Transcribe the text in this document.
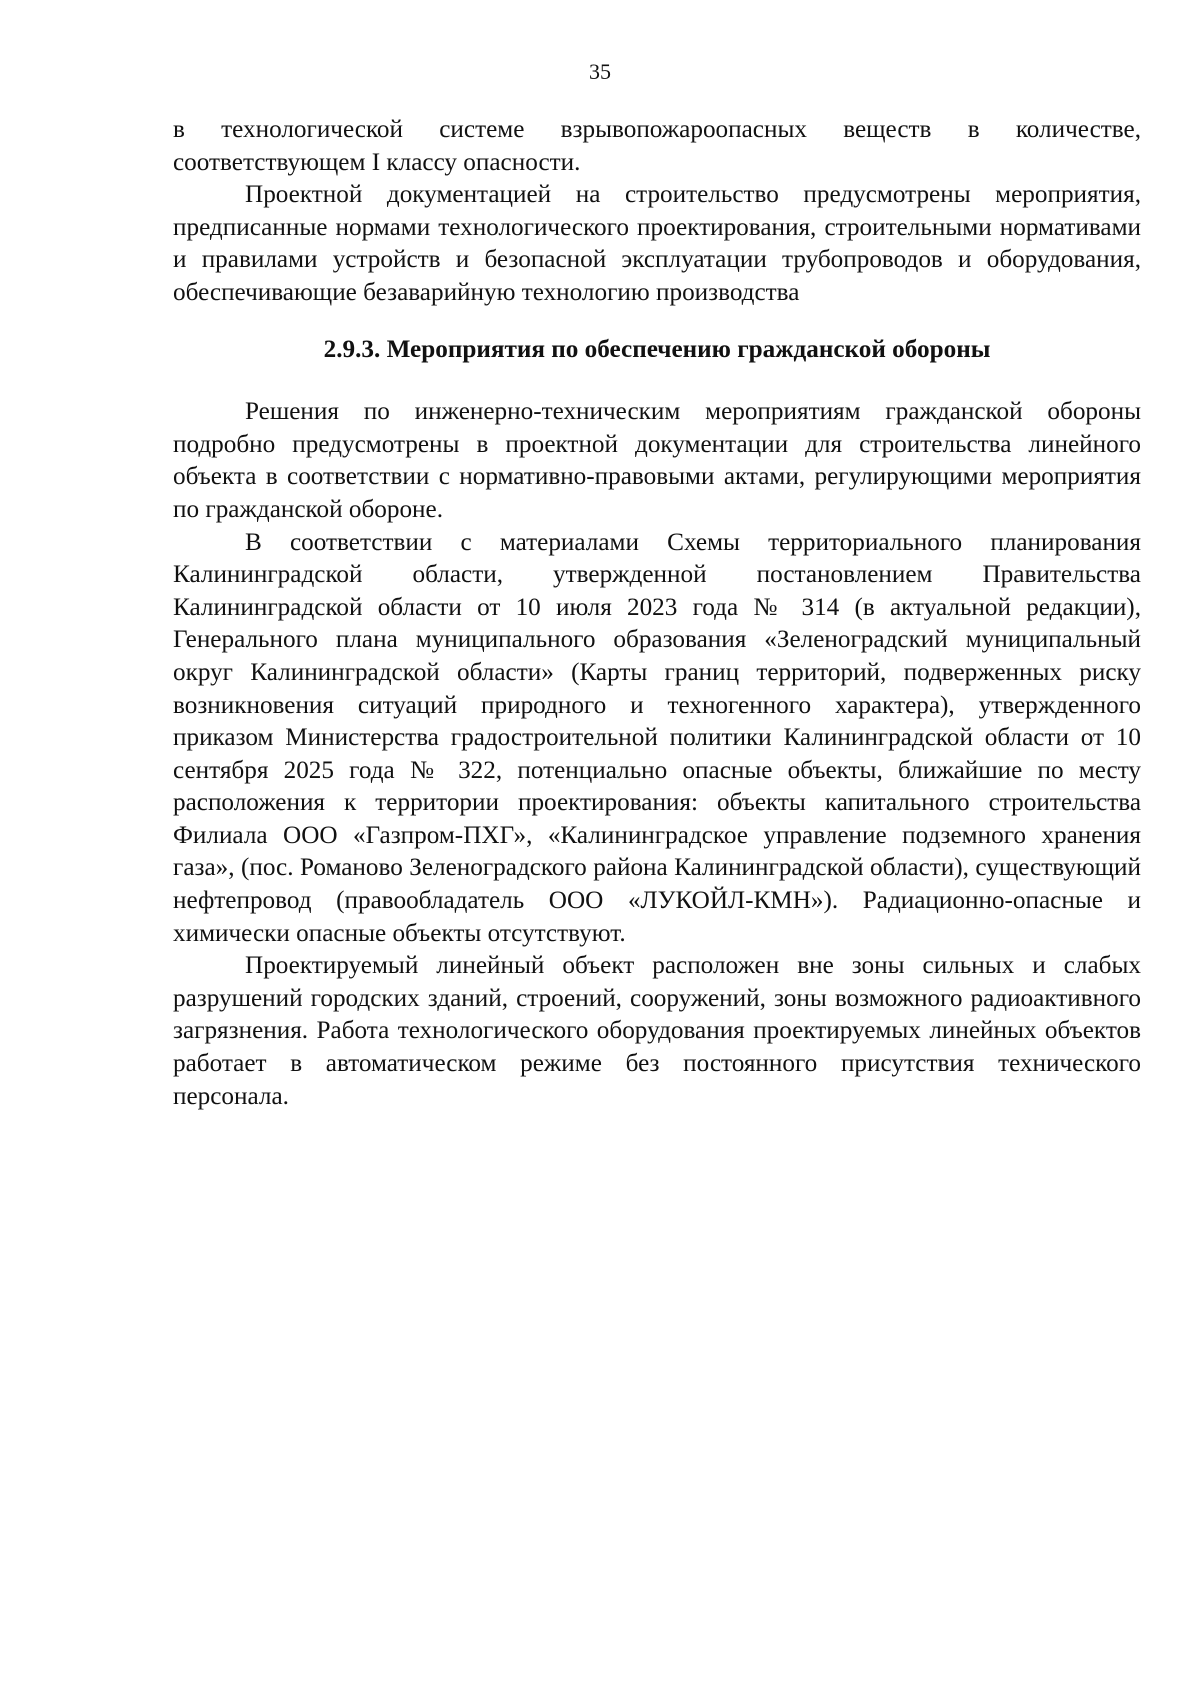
35

в технологической системе взрывопожароопасных веществ в количестве, соответствующем I классу опасности.

Проектной документацией на строительство предусмотрены мероприятия, предписанные нормами технологического проектирования, строительными нормативами и правилами устройств и безопасной эксплуатации трубопроводов и оборудования, обеспечивающие безаварийную технологию производства

2.9.3. Мероприятия по обеспечению гражданской обороны

Решения по инженерно-техническим мероприятиям гражданской обороны подробно предусмотрены в проектной документации для строительства линейного объекта в соответствии с нормативно-правовыми актами, регулирующими мероприятия по гражданской обороне.

В соответствии с материалами Схемы территориального планирования Калининградской области, утвержденной постановлением Правительства Калининградской области от 10 июля 2023 года № 314 (в актуальной редакции), Генерального плана муниципального образования «Зеленоградский муниципальный округ Калининградской области» (Карты границ территорий, подверженных риску возникновения ситуаций природного и техногенного характера), утвержденного приказом Министерства градостроительной политики Калининградской области от 10 сентября 2025 года № 322, потенциально опасные объекты, ближайшие по месту расположения к территории проектирования: объекты капитального строительства Филиала ООО «Газпром-ПХГ», «Калининградское управление подземного хранения газа», (пос. Романово Зеленоградского района Калининградской области), существующий нефтепровод (правообладатель ООО «ЛУКОЙЛ-КМН»). Радиационно-опасные и химически опасные объекты отсутствуют.

Проектируемый линейный объект расположен вне зоны сильных и слабых разрушений городских зданий, строений, сооружений, зоны возможного радиоактивного загрязнения. Работа технологического оборудования проектируемых линейных объектов работает в автоматическом режиме без постоянного присутствия технического персонала.
